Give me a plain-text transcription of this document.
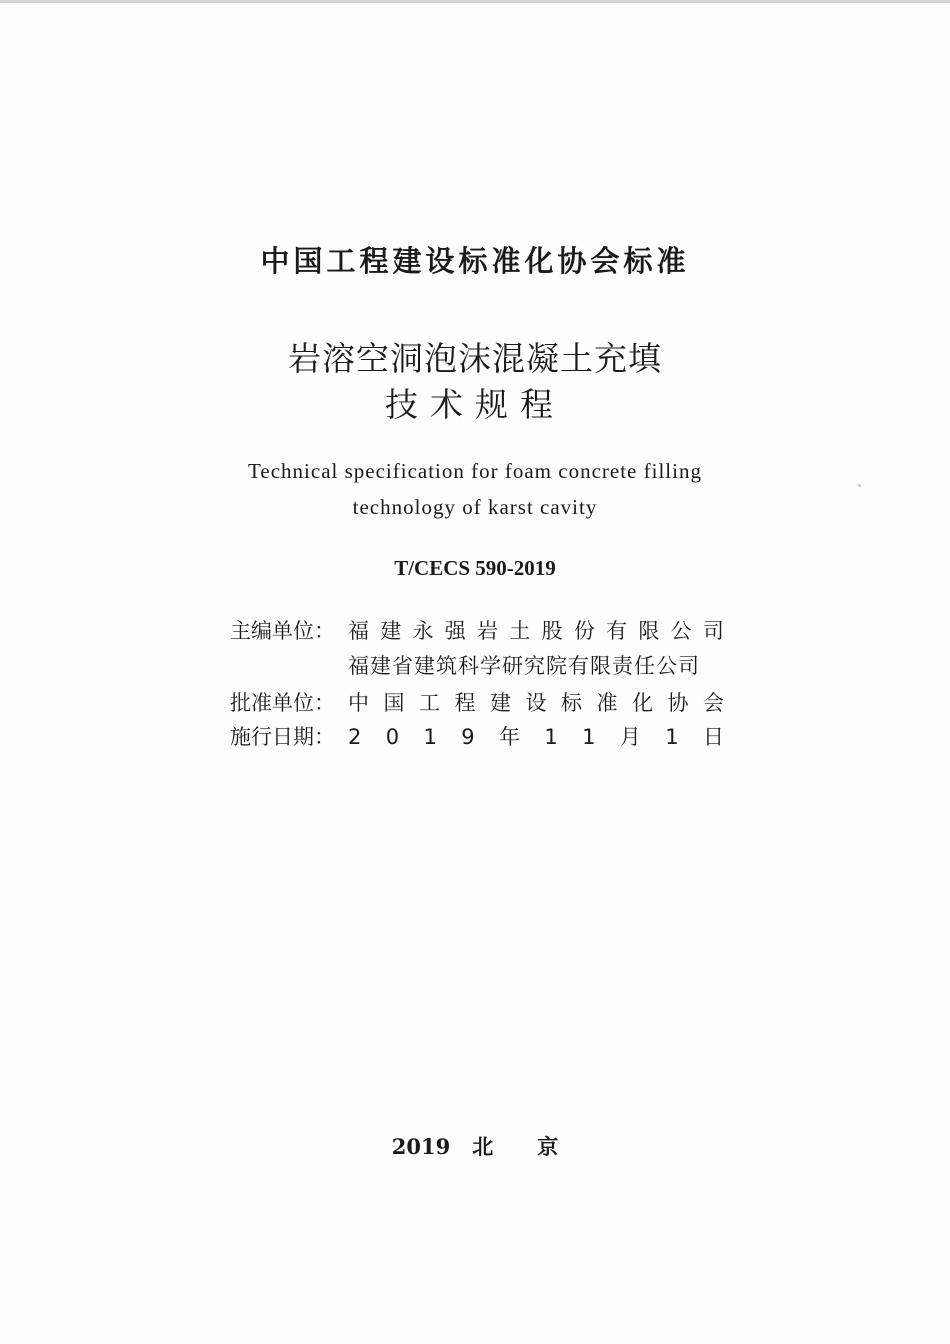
中国工程建设标准化协会标准
岩溶空洞泡沫混凝土充填
技术规程
Technical specification for foam concrete filling
technology of karst cavity
T/CECS 590-2019
主编单位： 福 建 永 强 岩 土 股 份 有 限 公 司
福建省建筑科学研究院有限责任公司
批准单位： 中 国 工 程 建 设 标 准 化 协 会
施行日期： 2 0 1 9 年 1 1 月 1 日
2019 北 京
